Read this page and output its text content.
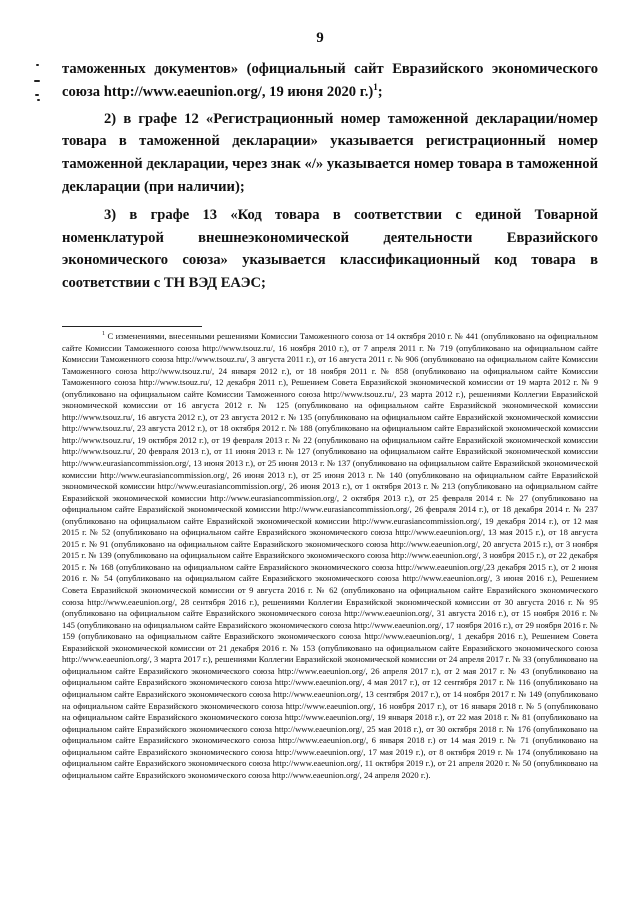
9

таможенных документов» (официальный сайт Евразийского экономического союза http://www.eaeunion.org/, 19 июня 2020 г.)$^1$;

2) в графе 12 «Регистрационный номер таможенной декларации/номер товара в таможенной декларации» указывается регистрационный номер таможенной декларации, через знак «/» указывается номер товара в таможенной декларации (при наличии);

3) в графе 13 «Код товара в соответствии с единой Товарной номенклатурой внешнеэкономической деятельности Евразийского экономического союза» указывается классификационный код товара в соответствии с ТН ВЭД ЕАЭС;

$^1$ С изменениями, внесенными решениями Комиссии Таможенного союза от 14 октября 2010 г. № 441 (опубликовано на официальном сайте Комиссии Таможенного союза http://www.tsouz.ru/, 16 ноября 2010 г.), от 7 апреля 2011 г. № 719 (опубликовано на официальном сайте Комиссии Таможенного союза http://www.tsouz.ru/, 3 августа 2011 г.), от 16 августа 2011 г. № 906 (опубликовано на официальном сайте Комиссии Таможенного союза http://www.tsouz.ru/, 24 января 2012 г.), от 18 ноября 2011 г. № 858 (опубликовано на официальном сайте Комиссии Таможенного союза http://www.tsouz.ru/, 12 декабря 2011 г.), Решением Совета Евразийской экономической комиссии от 19 марта 2012 г. № 9 (опубликовано на официальном сайте Комиссии Таможенного союза http://www.tsouz.ru/, 23 марта 2012 г.), решениями Коллегии Евразийской экономической комиссии от 16 августа 2012 г. № 125 (опубликовано на официальном сайте Евразийской экономической комиссии http://www.tsouz.ru/, 16 августа 2012 г.), от 23 августа 2012 г. № 135 (опубликовано на официальном сайте Евразийской экономической комиссии http://www.tsouz.ru/, 23 августа 2012 г.), от 18 октября 2012 г. № 188 (опубликовано на официальном сайте Евразийской экономической комиссии http://www.tsouz.ru/, 19 октября 2012 г.), от 19 февраля 2013 г. № 22 (опубликовано на официальном сайте Евразийской экономической комиссии http://www.tsouz.ru/, 20 февраля 2013 г.), от 11 июня 2013 г. № 127 (опубликовано на официальном сайте Евразийской экономической комиссии http://www.eurasiancommission.org/, 13 июня 2013 г.), от 25 июня 2013 г. № 137 (опубликовано на официальном сайте Евразийской экономической комиссии http://www.eurasiancommission.org/, 26 июня 2013 г.), от 25 июня 2013 г. № 140 (опубликовано на официальном сайте Евразийской экономической комиссии http://www.eurasiancommission.org/, 26 июня 2013 г.), от 1 октября 2013 г. № 213 (опубликовано на официальном сайте Евразийской экономической комиссии http://www.eurasiancommission.org/, 2 октября 2013 г.), от 25 февраля 2014 г. № 27 (опубликовано на официальном сайте Евразийской экономической комиссии http://www.eurasiancommission.org/, 26 февраля 2014 г.), от 18 декабря 2014 г. № 237 (опубликовано на официальном сайте Евразийской экономической комиссии http://www.eurasiancommission.org/, 19 декабря 2014 г.), от 12 мая 2015 г. № 52 (опубликовано на официальном сайте Евразийского экономического союза http://www.eaeunion.org/, 13 мая 2015 г.), от 18 августа 2015 г. № 91 (опубликовано на официальном сайте Евразийского экономического союза http://www.eaeunion.org/, 20 августа 2015 г.), от 3 ноября 2015 г. № 139 (опубликовано на официальном сайте Евразийского экономического союза http://www.eaeunion.org/, 3 ноября 2015 г.), от 22 декабря 2015 г. № 168 (опубликовано на официальном сайте Евразийского экономического союза http://www.eaeunion.org/,23 декабря 2015 г.), от 2 июня 2016 г. № 54 (опубликовано на официальном сайте Евразийского экономического союза http://www.eaeunion.org/, 3 июня 2016 г.), Решением Совета Евразийской экономической комиссии от 9 августа 2016 г. № 62 (опубликовано на официальном сайте Евразийского экономического союза http://www.eaeunion.org/, 28 сентября 2016 г.), решениями Коллегии Евразийской экономической комиссии от 30 августа 2016 г. № 95 (опубликовано на официальном сайте Евразийского экономического союза http://www.eaeunion.org/, 31 августа 2016 г.), от 15 ноября 2016 г. № 145 (опубликовано на официальном сайте Евразийского экономического союза http://www.eaeunion.org/, 17 ноября 2016 г.), от 29 ноября 2016 г. № 159 (опубликовано на официальном сайте Евразийского экономического союза http://www.eaeunion.org/, 1 декабря 2016 г.), Решением Совета Евразийской экономической комиссии от 21 декабря 2016 г. № 153 (опубликовано на официальном сайте Евразийского экономического союза http://www.eaeunion.org/, 3 марта 2017 г.), решениями Коллегии Евразийской экономической комиссии от 24 апреля 2017 г. № 33 (опубликовано на официальном сайте Евразийского экономического союза http://www.eaeunion.org/, 26 апреля 2017 г.), от 2 мая 2017 г. № 43 (опубликовано на официальном сайте Евразийского экономического союза http://www.eaeunion.org/, 4 мая 2017 г.), от 12 сентября 2017 г. № 116 (опубликовано на официальном сайте Евразийского экономического союза http://www.eaeunion.org/, 13 сентября 2017 г.), от 14 ноября 2017 г. № 149 (опубликовано на официальном сайте Евразийского экономического союза http://www.eaeunion.org/, 16 ноября 2017 г.), от 16 января 2018 г. № 5 (опубликовано на официальном сайте Евразийского экономического союза http://www.eaeunion.org/, 19 января 2018 г.), от 22 мая 2018 г. № 81 (опубликовано на официальном сайте Евразийского экономического союза http://www.eaeunion.org/, 25 мая 2018 г.), от 30 октября 2018 г. № 176 (опубликовано на официальном сайте Евразийского экономического союза http://www.eaeunion.org/, 6 января 2018 г.) от 14 мая 2019 г. № 71 (опубликовано на официальном сайте Евразийского экономического союза http://www.eaeunion.org/, 17 мая 2019 г.), от 8 октября 2019 г. № 174 (опубликовано на официальном сайте Евразийского экономического союза http://www.eaeunion.org/, 11 октября 2019 г.), от 21 апреля 2020 г. № 50 (опубликовано на официальном сайте Евразийского экономического союза http://www.eaeunion.org/, 24 апреля 2020 г.).
